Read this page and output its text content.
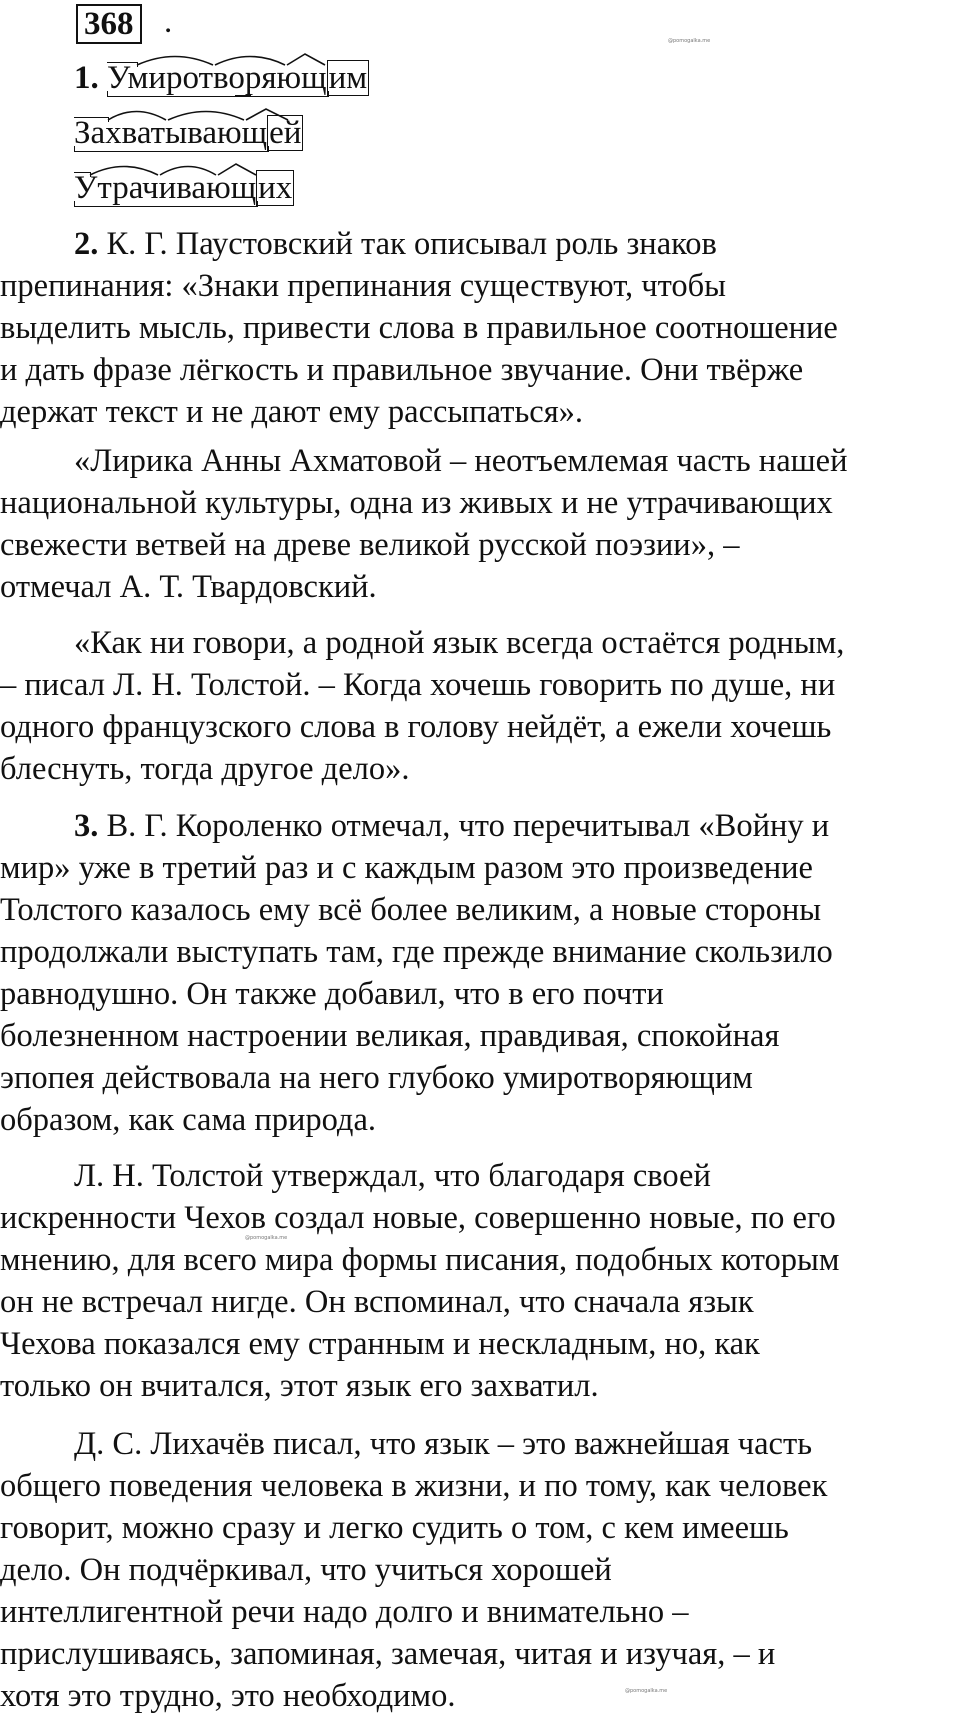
368 .
@pomogalka.me
@pomogalka.me
@pomogalka.me
1. Умиротворяющ
им
Захватывающ
ей
Утрачивающ
их

2. К. Г. Паустовский так описывал роль знаков
препинания: «Знаки препинания существуют, чтобы
выделить мысль, привести слова в правильное соотношение
и дать фразе лёгкость и правильное звучание. Они твёрже
держат текст и не дают ему рассыпаться».

«Лирика Анны Ахматовой – неотъемлемая часть нашей
национальной культуры, одна из живых и не утрачивающих
свежести ветвей на древе великой русской поэзии», –
отмечал А. Т. Твардовский.

«Как ни говори, а родной язык всегда остаётся родным,
– писал Л. Н. Толстой. – Когда хочешь говорить по душе, ни
одного французского слова в голову нейдёт, а ежели хочешь
блеснуть, тогда другое дело».

3. В. Г. Короленко отмечал, что перечитывал «Войну и
мир» уже в третий раз и с каждым разом это произведение
Толстого казалось ему всё более великим, а новые стороны
продолжали выступать там, где прежде внимание скользило
равнодушно. Он также добавил, что в его почти
болезненном настроении великая, правдивая, спокойная
эпопея действовала на него глубоко умиротворяющим
образом, как сама природа.

Л. Н. Толстой утверждал, что благодаря своей
искренности Чехов создал новые, совершенно новые, по его
мнению, для всего мира формы писания, подобных которым
он не встречал нигде. Он вспоминал, что сначала язык
Чехова показался ему странным и нескладным, но, как
только он вчитался, этот язык его захватил.

Д. С. Лихачёв писал, что язык – это важнейшая часть
общего поведения человека в жизни, и по тому, как человек
говорит, можно сразу и легко судить о том, с кем имеешь
дело. Он подчёркивал, что учиться хорошей
интеллигентной речи надо долго и внимательно –
прислушиваясь, запоминая, замечая, читая и изучая, – и
хотя это трудно, это необходимо.
